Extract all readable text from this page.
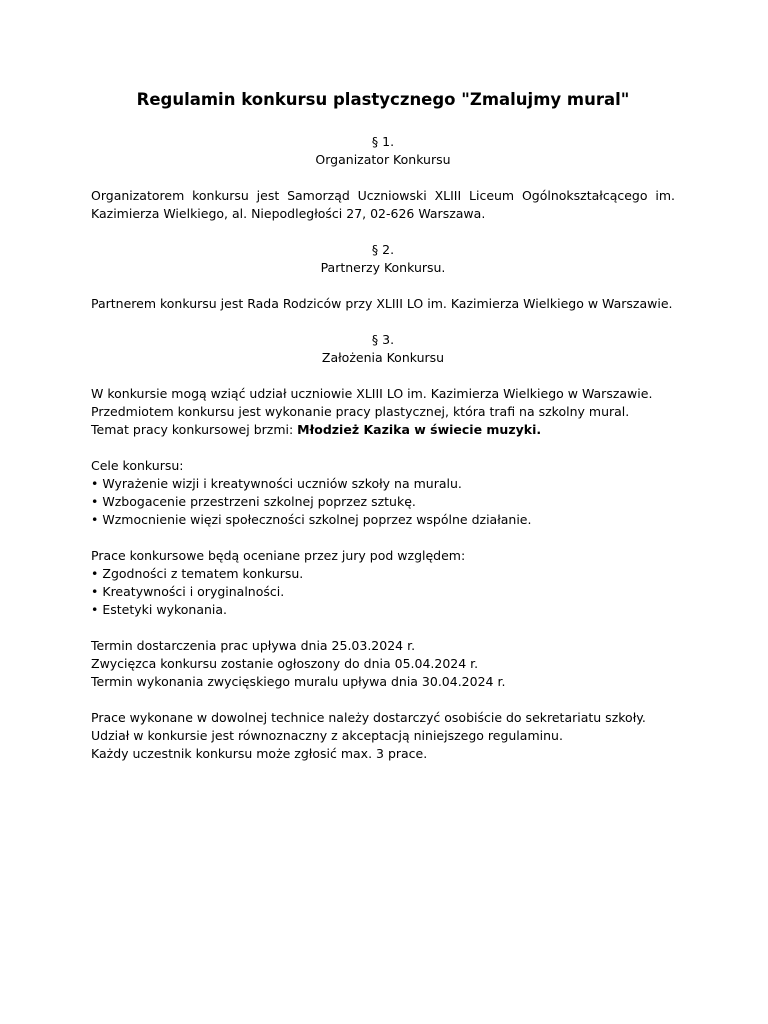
Regulamin konkursu plastycznego "Zmalujmy mural"

§ 1.

Organizator Konkursu

Organizatorem konkursu jest Samorząd Uczniowski XLIII Liceum Ogólnokształcącego im. Kazimierza Wielkiego, al. Niepodległości 27, 02-626 Warszawa.

§ 2.

Partnerzy Konkursu.

Partnerem konkursu jest Rada Rodziców przy XLIII LO im. Kazimierza Wielkiego w Warszawie.

§ 3.

Założenia Konkursu

W konkursie mogą wziąć udział uczniowie XLIII LO im. Kazimierza Wielkiego w Warszawie.

Przedmiotem konkursu jest wykonanie pracy plastycznej, która trafi na szkolny mural.

Temat pracy konkursowej brzmi: Młodzież Kazika w świecie muzyki.

Cele konkursu:

• Wyrażenie wizji i kreatywności uczniów szkoły na muralu.
• Wzbogacenie przestrzeni szkolnej poprzez sztukę.
• Wzmocnienie więzi społeczności szkolnej poprzez wspólne działanie.

Prace konkursowe będą oceniane przez jury pod względem:

• Zgodności z tematem konkursu.
• Kreatywności i oryginalności.
• Estetyki wykonania.

Termin dostarczenia prac upływa dnia 25.03.2024 r.

Zwycięzca konkursu zostanie ogłoszony do dnia 05.04.2024 r.

Termin wykonania zwycięskiego muralu upływa dnia 30.04.2024 r.

Prace wykonane w dowolnej technice należy dostarczyć osobiście do sekretariatu szkoły.

Udział w konkursie jest równoznaczny z akceptacją niniejszego regulaminu.

Każdy uczestnik konkursu może zgłosić max. 3 prace.
